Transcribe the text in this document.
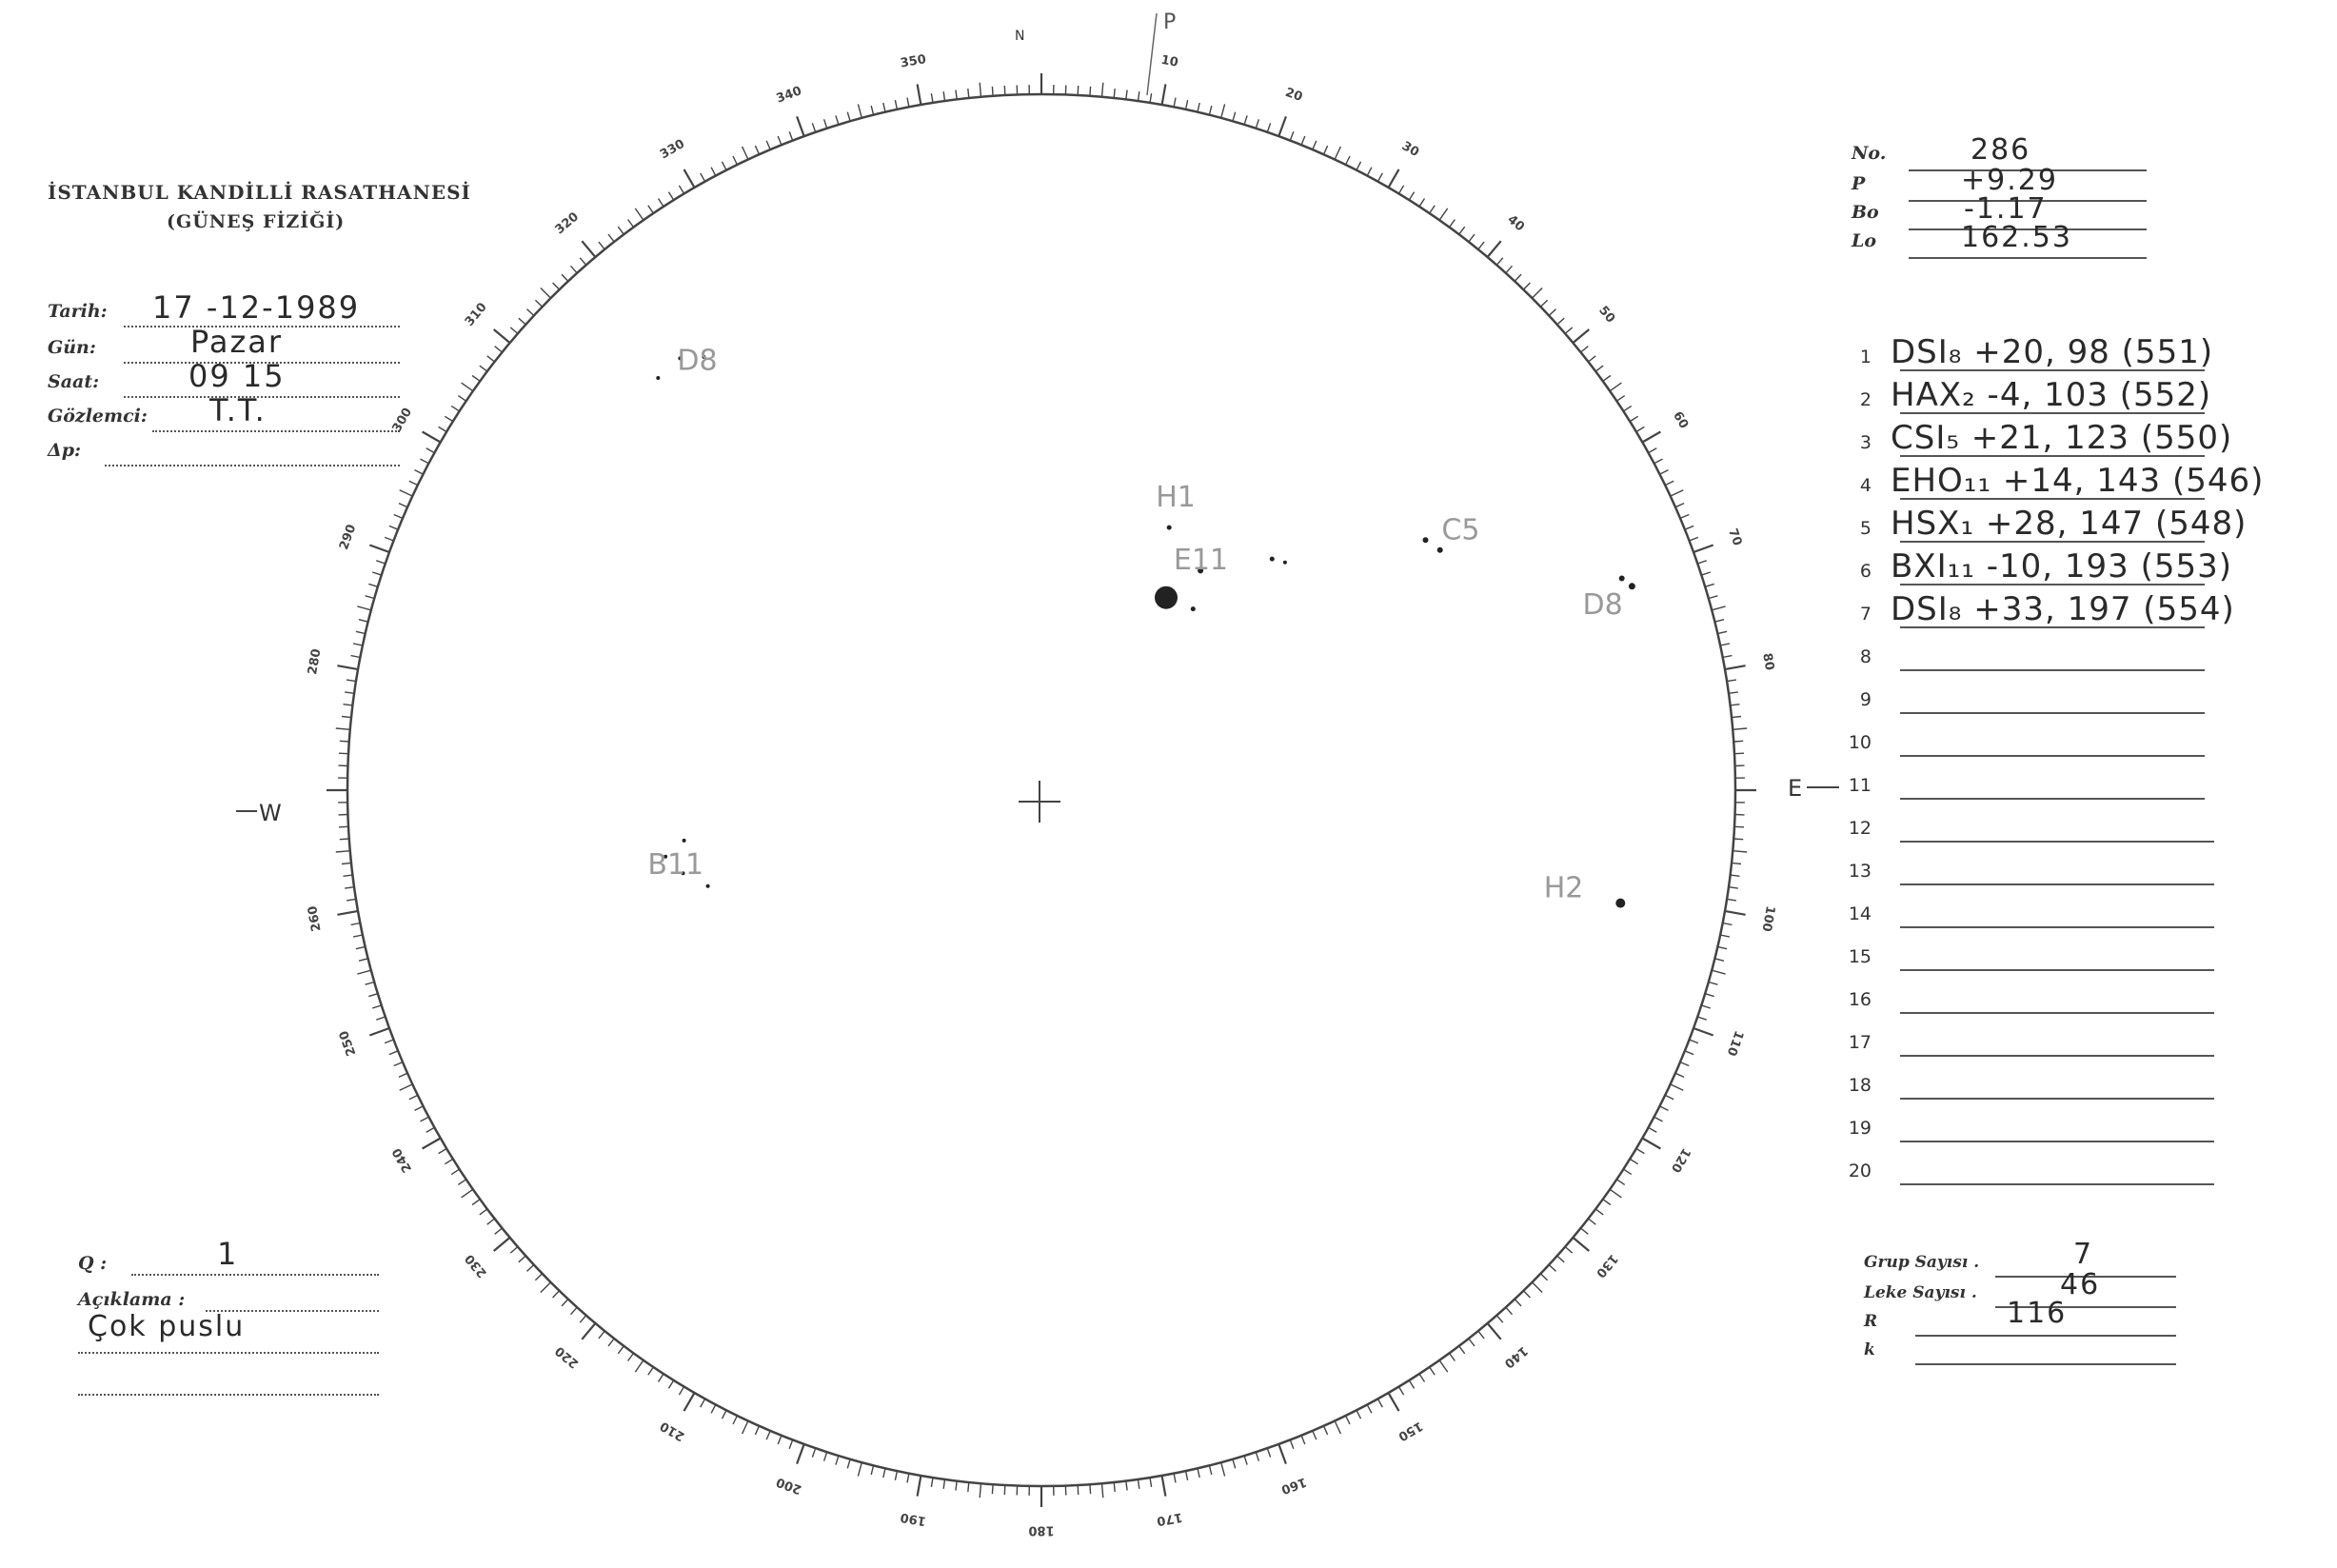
İSTANBUL KANDİLLİ RASATHANESİ
(GÜNEŞ FİZİĞİ)
Tarih: 17 -12-1989
Gün:	Pazar
Saat:	09 15
Gözlemci: T.T.
Δp:
No.	286
P	+9.29
Bo	-1.17
Lo	162.53
1 DSI₈ +20, 98 (551)
2 HAX₂ -4, 103 (552)
3 CSI₅ +21, 123 (550)
4 EHO₁₁ +14, 143 (546)
5 HSX₁ +28, 147 (548)
6 BXI₁₁ -10, 193 (553)
7 DSI₈ +33, 197 (554)
8
9
10
11
12
13
14
15
16
17
18
19
20
Grup Sayısı .	7
Leke Sayısı .	46
R	116
k
Q :	1
Açıklama :
Çok puslu
10
20
30
40
50
60
70
80
100
110
120
130
140
150
160
170
180
190
200
210
220
230
240
250
260
280
290
300
310
320
330
340
350
W
E
N
P
D8
H1
C5
E11
D8
H2
B11
